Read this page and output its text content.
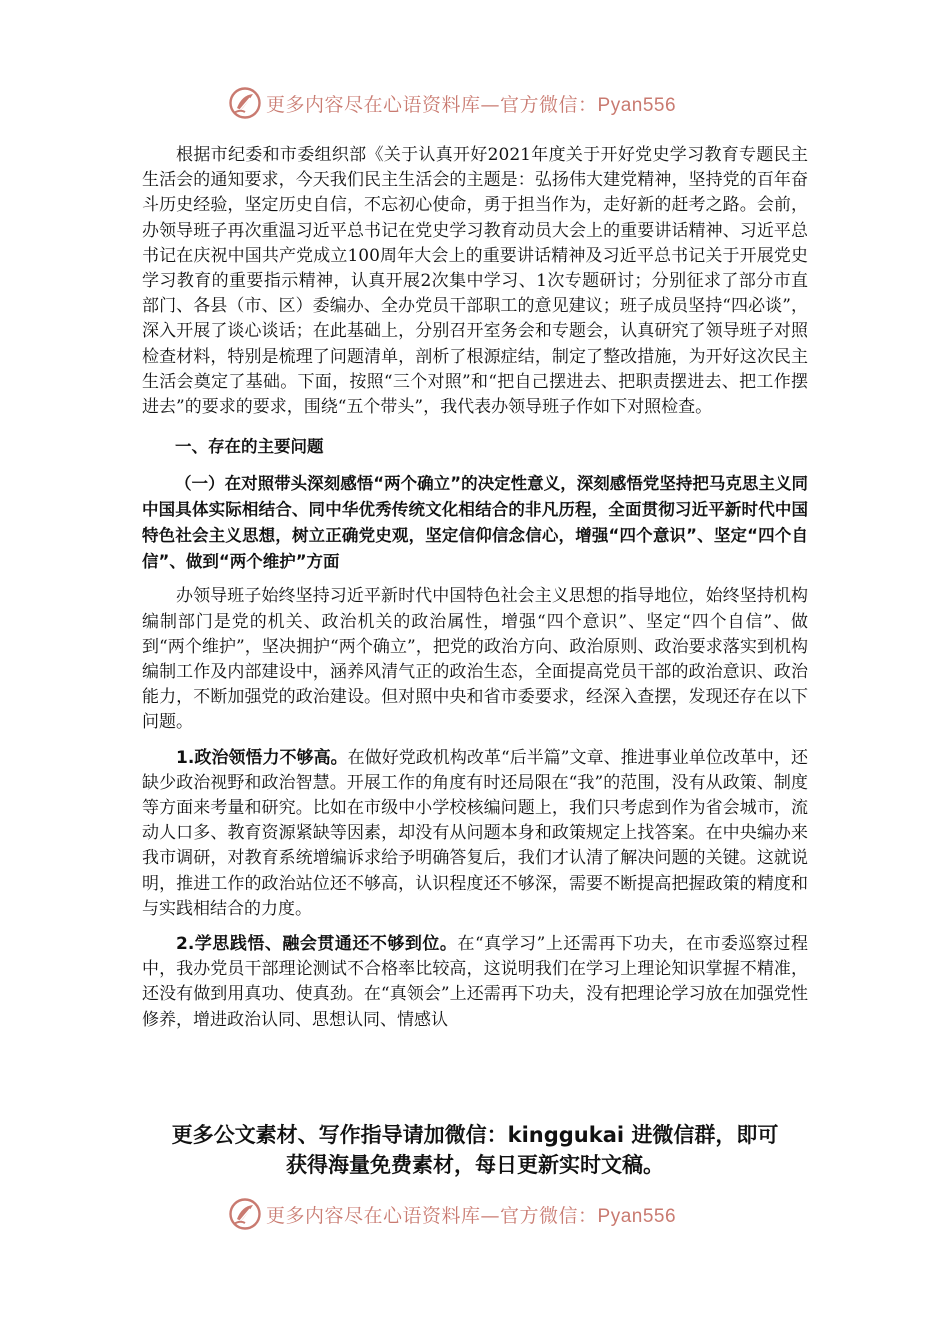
更多内容尽在心语资料库—官方微信：Pyan556

根据市纪委和市委组织部《关于认真开好2021年度关于开好党史学习教育专题民主生活会的通知要求，今天我们民主生活会的主题是：弘扬伟大建党精神，坚持党的百年奋斗历史经验，坚定历史自信，不忘初心使命，勇于担当作为，走好新的赶考之路。会前，办领导班子再次重温习近平总书记在党史学习教育动员大会上的重要讲话精神、习近平总书记在庆祝中国共产党成立100周年大会上的重要讲话精神及习近平总书记关于开展党史学习教育的重要指示精神，认真开展2次集中学习、1次专题研讨；分别征求了部分市直部门、各县（市、区）委编办、全办党员干部职工的意见建议；班子成员坚持“四必谈”，深入开展了谈心谈话；在此基础上，分别召开室务会和专题会，认真研究了领导班子对照检查材料，特别是梳理了问题清单，剖析了根源症结，制定了整改措施，为开好这次民主生活会奠定了基础。下面，按照“三个对照”和“把自己摆进去、把职责摆进去、把工作摆进去”的要求的要求，围绕“五个带头”，我代表办领导班子作如下对照检查。

一、存在的主要问题

（一）在对照带头深刻感悟“两个确立”的决定性意义，深刻感悟党坚持把马克思主义同中国具体实际相结合、同中华优秀传统文化相结合的非凡历程，全面贯彻习近平新时代中国特色社会主义思想，树立正确党史观，坚定信仰信念信心，增强“四个意识”、坚定“四个自信”、做到“两个维护”方面

办领导班子始终坚持习近平新时代中国特色社会主义思想的指导地位，始终坚持机构编制部门是党的机关、政治机关的政治属性，增强“四个意识”、坚定“四个自信”、做到“两个维护”，坚决拥护“两个确立”，把党的政治方向、政治原则、政治要求落实到机构编制工作及内部建设中，涵养风清气正的政治生态，全面提高党员干部的政治意识、政治能力，不断加强党的政治建设。但对照中央和省市委要求，经深入查摆，发现还存在以下问题。

1.政治领悟力不够高。在做好党政机构改革“后半篇”文章、推进事业单位改革中，还缺少政治视野和政治智慧。开展工作的角度有时还局限在“我”的范围，没有从政策、制度等方面来考量和研究。比如在市级中小学校核编问题上，我们只考虑到作为省会城市，流动人口多、教育资源紧缺等因素，却没有从问题本身和政策规定上找答案。在中央编办来我市调研，对教育系统增编诉求给予明确答复后，我们才认清了解决问题的关键。这就说明，推进工作的政治站位还不够高，认识程度还不够深，需要不断提高把握政策的精度和与实践相结合的力度。

2.学思践悟、融会贯通还不够到位。在“真学习”上还需再下功夫，在市委巡察过程中，我办党员干部理论测试不合格率比较高，这说明我们在学习上理论知识掌握不精准，还没有做到用真功、使真劲。在“真领会”上还需再下功夫，没有把理论学习放在加强党性修养，增进政治认同、思想认同、情感认

更多公文素材、写作指导请加微信：kinggukai 进微信群，即可
获得海量免费素材，每日更新实时文稿。
更多内容尽在心语资料库—官方微信：Pyan556
